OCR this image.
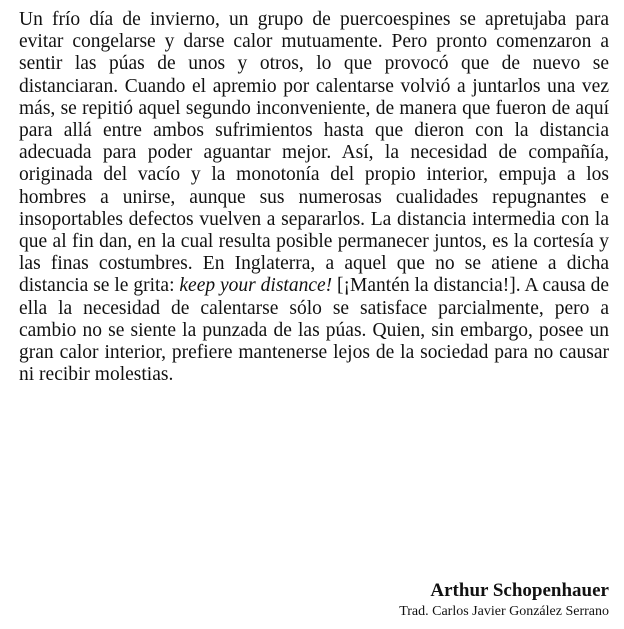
Un frío día de invierno, un grupo de puercoespines se apretujaba para evitar congelarse y darse calor mutuamente. Pero pronto comenzaron a sentir las púas de unos y otros, lo que provocó que de nuevo se distanciaran. Cuando el apremio por calentarse volvió a juntarlos una vez más, se repitió aquel segundo inconveniente, de manera que fueron de aquí para allá entre ambos sufrimientos hasta que dieron con la distancia adecuada para poder aguantar mejor. Así, la necesidad de compañía, originada del vacío y la monotonía del propio interior, empuja a los hombres a unirse, aunque sus numerosas cualidades repugnantes e insoportables defectos vuelven a separarlos. La distancia intermedia con la que al fin dan, en la cual resulta posible permanecer juntos, es la cortesía y las finas costumbres. En Inglaterra, a aquel que no se atiene a dicha distancia se le grita: keep your distance! [¡Mantén la distancia!]. A causa de ella la necesidad de calentarse sólo se satisface parcialmente, pero a cambio no se siente la punzada de las púas. Quien, sin embargo, posee un gran calor interior, prefiere mantenerse lejos de la sociedad para no causar ni recibir molestias.

Arthur Schopenhauer
Trad. Carlos Javier González Serrano
